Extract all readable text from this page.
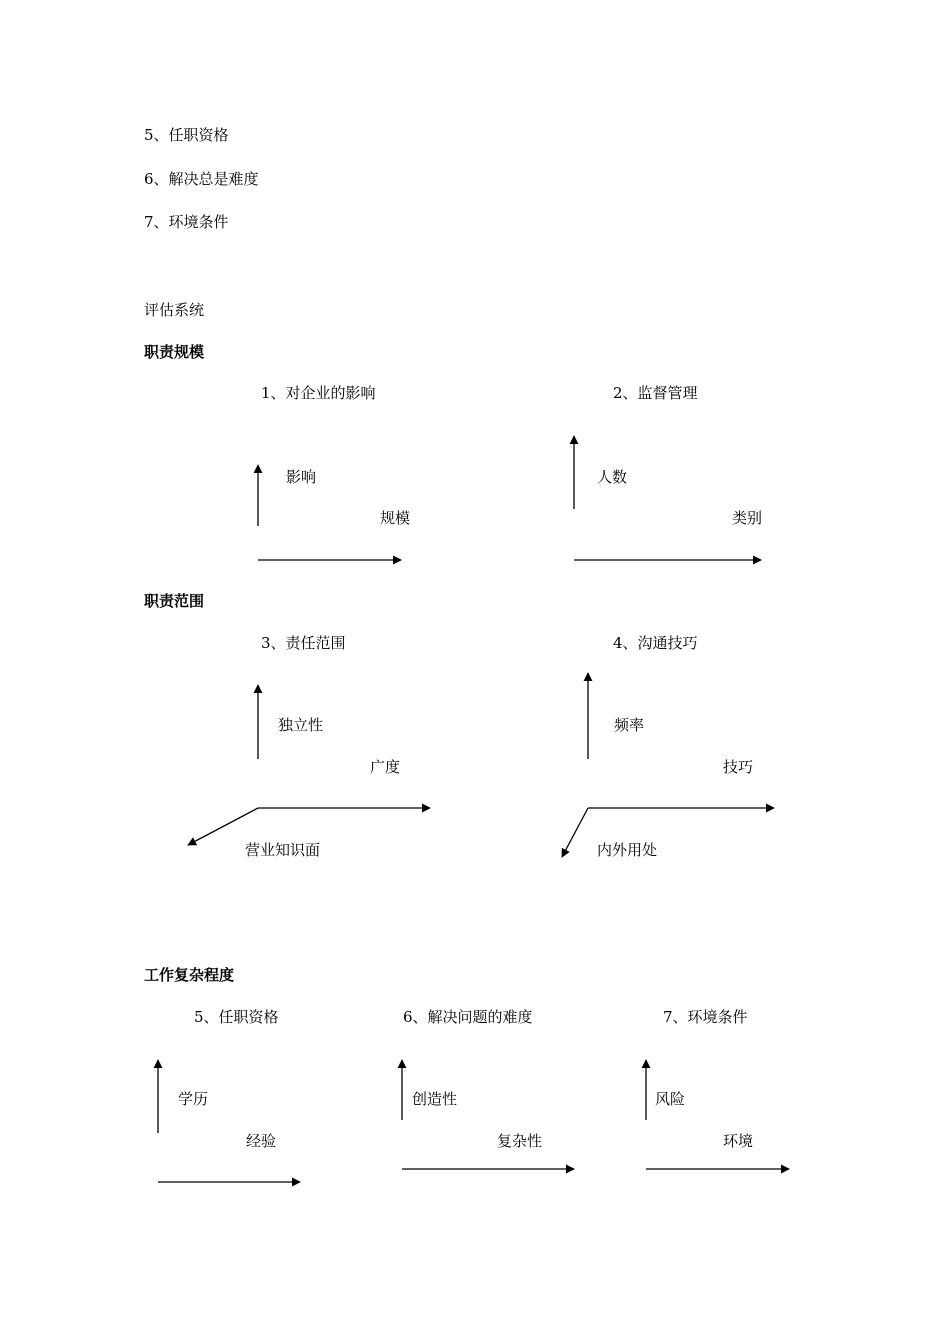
5、任职资格
6、解决总是难度
7、环境条件
评估系统
职责规模
1、对企业的影响
影响
规模
2、监督管理
人数
类别
职责范围
3、责任范围
独立性
广度
营业知识面
4、沟通技巧
频率
技巧
内外用处
工作复杂程度
5、任职资格
学历
经验
6、解决问题的难度
创造性
复杂性
7、环境条件
风险
环境
